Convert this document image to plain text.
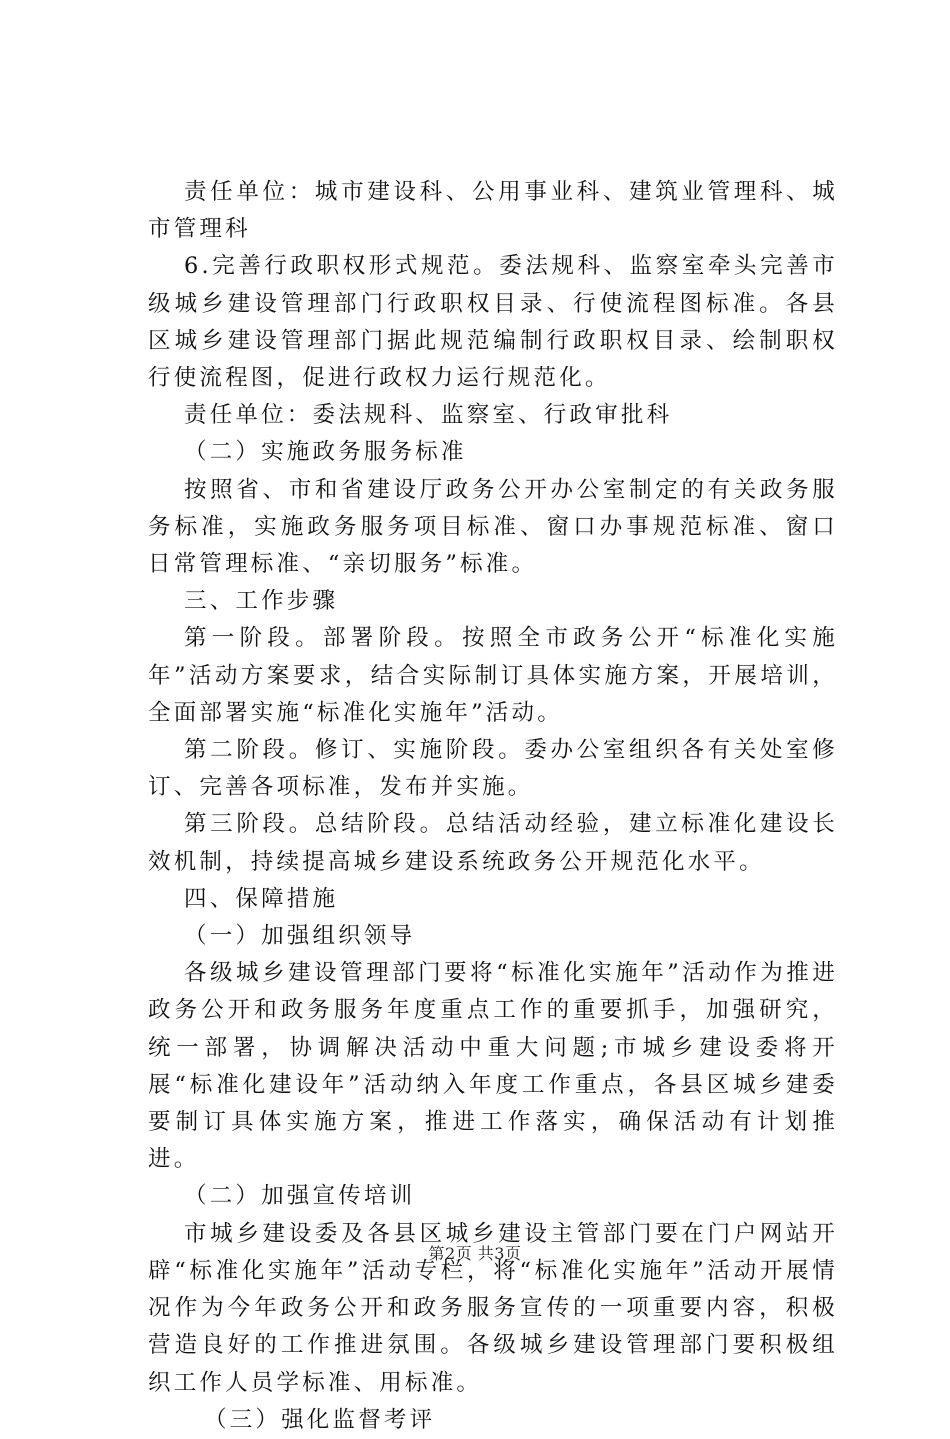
责任单位：城市建设科、公用事业科、建筑业管理科、城市管理科

6.完善行政职权形式规范。委法规科、监察室牵头完善市级城乡建设管理部门行政职权目录、行使流程图标准。各县区城乡建设管理部门据此规范编制行政职权目录、绘制职权行使流程图，促进行政权力运行规范化。

责任单位：委法规科、监察室、行政审批科

（二）实施政务服务标准

按照省、市和省建设厅政务公开办公室制定的有关政务服务标准，实施政务服务项目标准、窗口办事规范标准、窗口日常管理标准、“亲切服务”标准。

三、工作步骤

第一阶段。部署阶段。按照全市政务公开“标准化实施年”活动方案要求，结合实际制订具体实施方案，开展培训，全面部署实施“标准化实施年”活动。

第二阶段。修订、实施阶段。委办公室组织各有关处室修订、完善各项标准，发布并实施。

第三阶段。总结阶段。总结活动经验，建立标准化建设长效机制，持续提高城乡建设系统政务公开规范化水平。

四、保障措施

（一）加强组织领导

各级城乡建设管理部门要将“标准化实施年”活动作为推进政务公开和政务服务年度重点工作的重要抓手，加强研究，统一部署，协调解决活动中重大问题;市城乡建设委将开展“标准化建设年”活动纳入年度工作重点，各县区城乡建委要制订具体实施方案，推进工作落实，确保活动有计划推进。

（二）加强宣传培训

市城乡建设委及各县区城乡建设主管部门要在门户网站开辟“标准化实施年”活动专栏，将“标准化实施年”活动开展情况作为今年政务公开和政务服务宣传的一项重要内容，积极营造良好的工作推进氛围。各级城乡建设管理部门要积极组织工作人员学标准、用标准。

（三）强化监督考评

第2页 共3页
